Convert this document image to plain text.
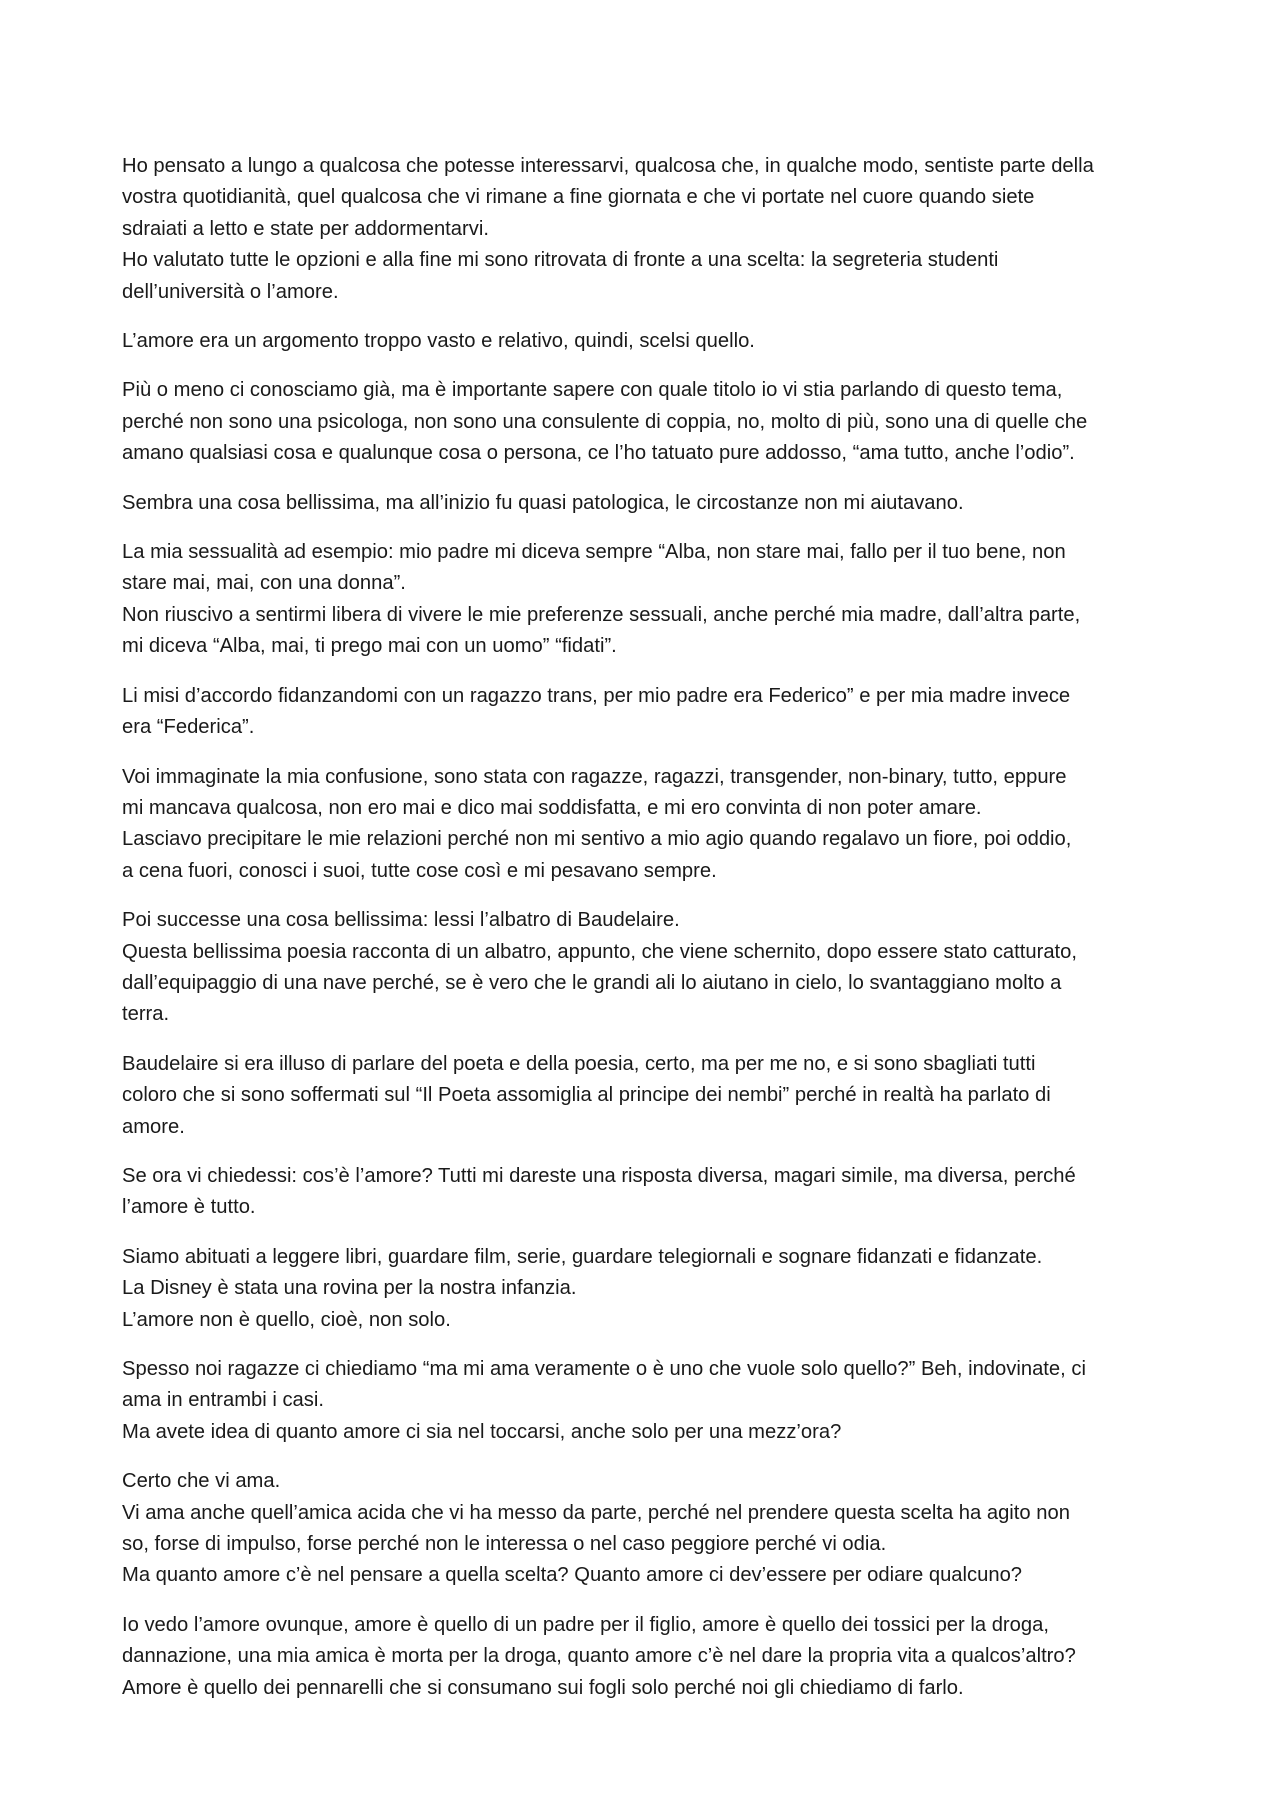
Ho pensato a lungo a qualcosa che potesse interessarvi, qualcosa che, in qualche modo, sentiste parte della
vostra quotidianità, quel qualcosa che vi rimane a fine giornata e che vi portate nel cuore quando siete
sdraiati a letto e state per addormentarvi.
Ho valutato tutte le opzioni e alla fine mi sono ritrovata di fronte a una scelta: la segreteria studenti
dell’università o l’amore.

L’amore era un argomento troppo vasto e relativo, quindi, scelsi quello.

Più o meno ci conosciamo già, ma è importante sapere con quale titolo io vi stia parlando di questo tema,
perché non sono una psicologa, non sono una consulente di coppia, no, molto di più, sono una di quelle che
amano qualsiasi cosa e qualunque cosa o persona, ce l’ho tatuato pure addosso, “ama tutto, anche l’odio”.

Sembra una cosa bellissima, ma all’inizio fu quasi patologica, le circostanze non mi aiutavano.

La mia sessualità ad esempio: mio padre mi diceva sempre “Alba, non stare mai, fallo per il tuo bene, non
stare mai, mai, con una donna”.
Non riuscivo a sentirmi libera di vivere le mie preferenze sessuali, anche perché mia madre, dall’altra parte,
mi diceva “Alba, mai, ti prego mai con un uomo” “fidati”.

Li misi d’accordo fidanzandomi con un ragazzo trans, per mio padre era Federico” e per mia madre invece
era “Federica”.

Voi immaginate la mia confusione, sono stata con ragazze, ragazzi, transgender, non-binary, tutto, eppure
mi mancava qualcosa, non ero mai e dico mai soddisfatta, e mi ero convinta di non poter amare.
Lasciavo precipitare le mie relazioni perché non mi sentivo a mio agio quando regalavo un fiore, poi oddio,
a cena fuori, conosci i suoi, tutte cose così e mi pesavano sempre.

Poi successe una cosa bellissima: lessi l’albatro di Baudelaire.
Questa bellissima poesia racconta di un albatro, appunto, che viene schernito, dopo essere stato catturato,
dall’equipaggio di una nave perché, se è vero che le grandi ali lo aiutano in cielo, lo svantaggiano molto a
terra.

Baudelaire si era illuso di parlare del poeta e della poesia, certo, ma per me no, e si sono sbagliati tutti
coloro che si sono soffermati sul “Il Poeta assomiglia al principe dei nembi” perché in realtà ha parlato di
amore.

Se ora vi chiedessi: cos’è l’amore? Tutti mi dareste una risposta diversa, magari simile, ma diversa, perché
l’amore è tutto.

Siamo abituati a leggere libri, guardare film, serie, guardare telegiornali e sognare fidanzati e fidanzate.
La Disney è stata una rovina per la nostra infanzia.
L’amore non è quello, cioè, non solo.

Spesso noi ragazze ci chiediamo “ma mi ama veramente o è uno che vuole solo quello?” Beh, indovinate, ci
ama in entrambi i casi.
Ma avete idea di quanto amore ci sia nel toccarsi, anche solo per una mezz’ora?

Certo che vi ama.
Vi ama anche quell’amica acida che vi ha messo da parte, perché nel prendere questa scelta ha agito non
so, forse di impulso, forse perché non le interessa o nel caso peggiore perché vi odia.
Ma quanto amore c’è nel pensare a quella scelta? Quanto amore ci dev’essere per odiare qualcuno?

Io vedo l’amore ovunque, amore è quello di un padre per il figlio, amore è quello dei tossici per la droga,
dannazione, una mia amica è morta per la droga, quanto amore c’è nel dare la propria vita a qualcos’altro?
Amore è quello dei pennarelli che si consumano sui fogli solo perché noi gli chiediamo di farlo.
